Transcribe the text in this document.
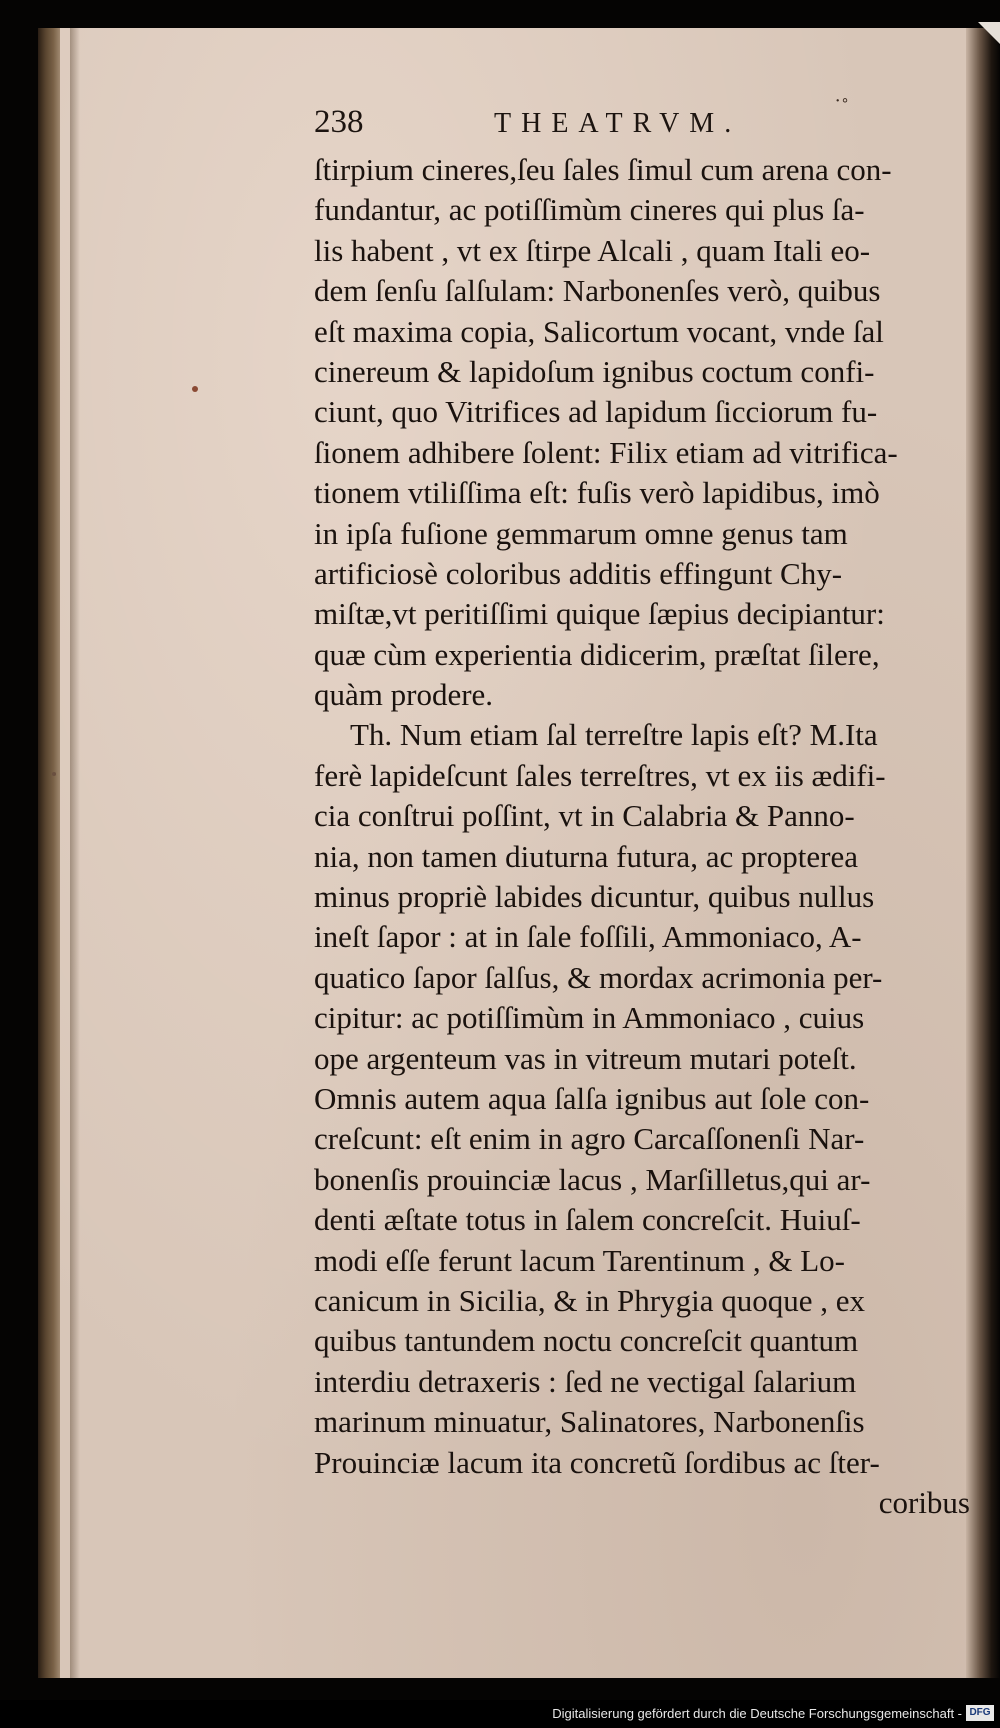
238	THEATRVM.
˙˚
ſtirpium cineres,ſeu ſales ſimul cum arena con-
fundantur, ac potiſſimùm cineres qui plus ſa-
lis habent , vt ex ſtirpe Alcali , quam Itali eo-
dem ſenſu ſalſulam: Narbonenſes verò, quibus
eſt maxima copia, Salicortum vocant, vnde ſal
cinereum & lapidoſum ignibus coctum confi-
ciunt, quo Vitrifices ad lapidum ſicciorum fu-
ſionem adhibere ſolent: Filix etiam ad vitrifica-
tionem vtiliſſima eſt: fuſis verò lapidibus, imò
in ipſa fuſione gemmarum omne genus tam
artificiosè coloribus additis effingunt Chy-
miſtæ,vt peritiſſimi quique ſæpius decipiantur:
quæ cùm experientia didicerim, præſtat ſilere,
quàm prodere.
Th. Num etiam ſal terreſtre lapis eſt? M.Ita
ferè lapideſcunt ſales terreſtres, vt ex iis ædifi-
cia conſtrui poſſint, vt in Calabria & Panno-
nia, non tamen diuturna futura, ac propterea
minus propriè labides dicuntur, quibus nullus
ineſt ſapor : at in ſale foſſili, Ammoniaco, A-
quatico ſapor ſalſus, & mordax acrimonia per-
cipitur: ac potiſſimùm in Ammoniaco , cuius
ope argenteum vas in vitreum mutari poteſt.
Omnis autem aqua ſalſa ignibus aut ſole con-
creſcunt: eſt enim in agro Carcaſſonenſi Nar-
bonenſis prouinciæ lacus , Marſilletus,qui ar-
denti æſtate totus in ſalem concreſcit. Huiuſ-
modi eſſe ferunt lacum Tarentinum , & Lo-
canicum in Sicilia, & in Phrygia quoque , ex
quibus tantundem noctu concreſcit quantum
interdiu detraxeris : ſed ne vectigal ſalarium
marinum minuatur, Salinatores, Narbonenſis
Prouinciæ lacum ita concretũ ſordibus ac ſter-
coribus
Digitalisierung gefördert durch die Deutsche Forschungsgemeinschaft - DFG
